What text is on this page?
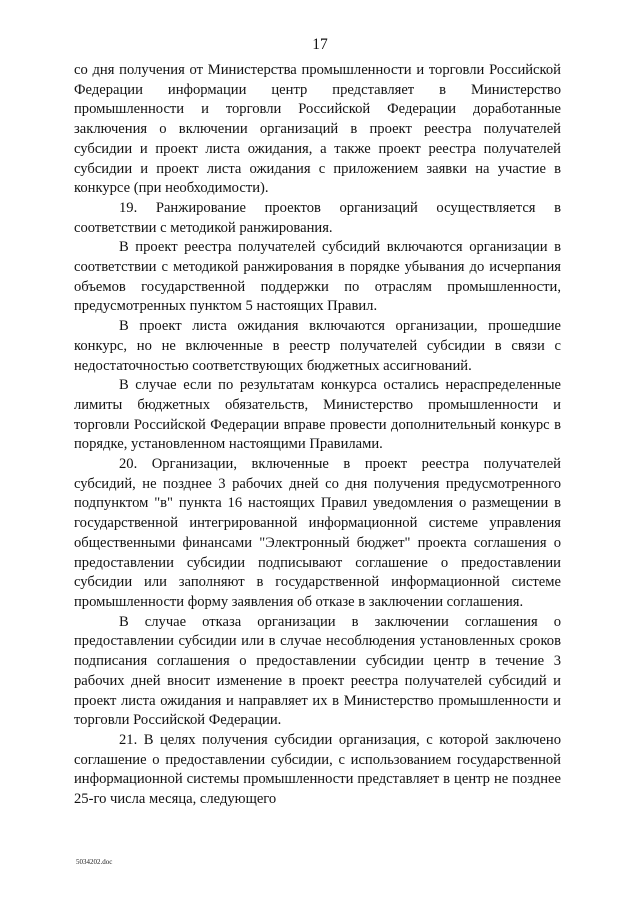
17

со дня получения от Министерства промышленности и торговли Российской Федерации информации центр представляет в Министерство промышленности и торговли Российской Федерации доработанные заключения о включении организаций в проект реестра получателей субсидии и проект листа ожидания, а также проект реестра получателей субсидии и проект листа ожидания с приложением заявки на участие в конкурсе (при необходимости).

19. Ранжирование проектов организаций осуществляется в соответствии с методикой ранжирования.

В проект реестра получателей субсидий включаются организации в соответствии с методикой ранжирования в порядке убывания до исчерпания объемов государственной поддержки по отраслям промышленности, предусмотренных пунктом 5 настоящих Правил.

В проект листа ожидания включаются организации, прошедшие конкурс, но не включенные в реестр получателей субсидии в связи с недостаточностью соответствующих бюджетных ассигнований.

В случае если по результатам конкурса остались нераспределенные лимиты бюджетных обязательств, Министерство промышленности и торговли Российской Федерации вправе провести дополнительный конкурс в порядке, установленном настоящими Правилами.

20. Организации, включенные в проект реестра получателей субсидий, не позднее 3 рабочих дней со дня получения предусмотренного подпунктом "в" пункта 16 настоящих Правил уведомления о размещении в государственной интегрированной информационной системе управления общественными финансами "Электронный бюджет" проекта соглашения о предоставлении субсидии подписывают соглашение о предоставлении субсидии или заполняют в государственной информационной системе промышленности форму заявления об отказе в заключении соглашения.

В случае отказа организации в заключении соглашения о предоставлении субсидии или в случае несоблюдения установленных сроков подписания соглашения о предоставлении субсидии центр в течение 3 рабочих дней вносит изменение в проект реестра получателей субсидий и проект листа ожидания и направляет их в Министерство промышленности и торговли Российской Федерации.

21. В целях получения субсидии организация, с которой заключено соглашение о предоставлении субсидии, с использованием государственной информационной системы промышленности представляет в центр не позднее 25-го числа месяца, следующего

5034202.doc
